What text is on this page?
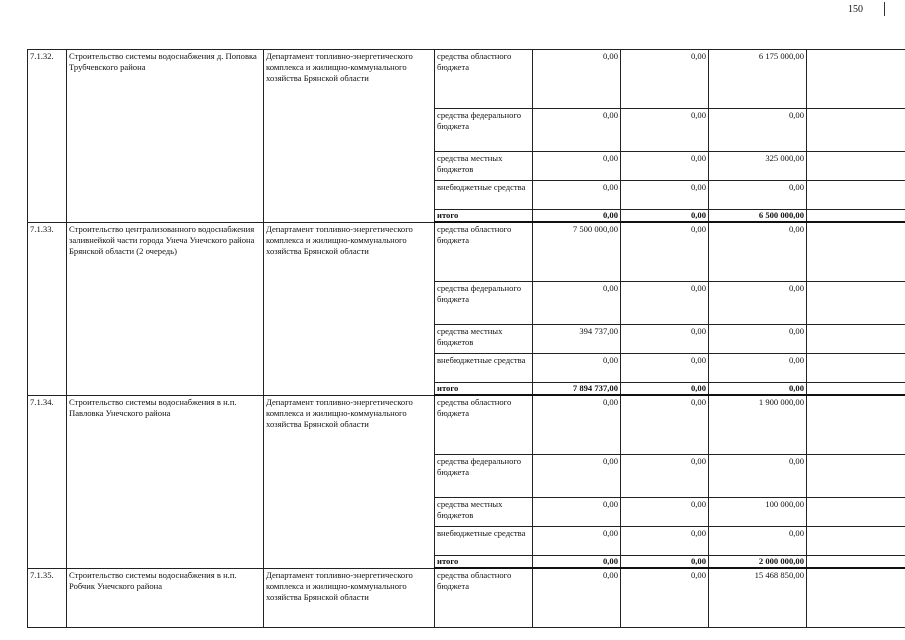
150
7.1.32.	Строительство системы водоснабжения д. Поповка Трубчевского района	Департамент топливно-энергетического комплекса и жилищно-коммунального хозяйства Брянской области	средства областного бюджета	0,00	0,00	6 175 000,00	
			средства федерального бюджета	0,00	0,00	0,00	
			средства местных бюджетов	0,00	0,00	325 000,00	
			внебюджетные средства	0,00	0,00	0,00	
			итого	0,00	0,00	6 500 000,00	
7.1.33.	Строительство централизованного водоснабжения заливнейкой части города Унеча Унечского района Брянской области (2 очередь)	Департамент топливно-энергетического комплекса и жилищно-коммунального хозяйства Брянской области	средства областного бюджета	7 500 000,00	0,00	0,00	
			средства федерального бюджета	0,00	0,00	0,00	
			средства местных бюджетов	394 737,00	0,00	0,00	
			внебюджетные средства	0,00	0,00	0,00	
			итого	7 894 737,00	0,00	0,00	
7.1.34.	Строительство системы водоснабжения в н.п. Павловка Унечского района	Департамент топливно-энергетического комплекса и жилищно-коммунального хозяйства Брянской области	средства областного бюджета	0,00	0,00	1 900 000,00	
			средства федерального бюджета	0,00	0,00	0,00	
			средства местных бюджетов	0,00	0,00	100 000,00	
			внебюджетные средства	0,00	0,00	0,00	
			итого	0,00	0,00	2 000 000,00	
7.1.35.	Строительство системы водоснабжения в н.п. Робчик Унечского района	Департамент топливно-энергетического комплекса и жилищно-коммунального хозяйства Брянской области	средства областного бюджета	0,00	0,00	15 468 850,00	
